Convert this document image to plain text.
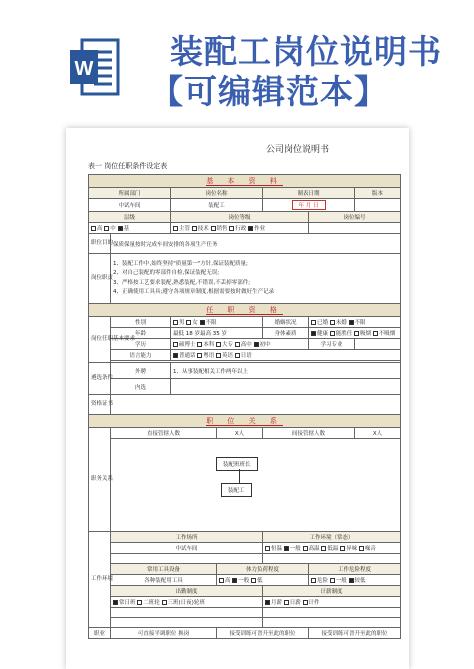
W 装配工岗位说明书
【可编辑范本】
公司岗位说明书
表一 岗位任职条件设定表
基 本 资 料						
所属部门		岗位名称		制表日期		版本
中试车间		装配工		年 月 日		
层级		岗位等级			岗位编号	
高 中 基		主管 技术 销售 行政 作业				
职位目的	保质保量按时完成车间安排的各项生产任务					
岗位职责	1、装配工作中,始终坚持"质量第一"方针,保证装配质量;
2、对自己装配的零部件自检,保证装配无误;
3、严格按工艺要求装配,熟悉装配,不错误,不丢掉零部件;
4、正确使用工具具;遵守各项规章制度,根据需要按时做好生产记录					

任 职 资 格						
岗位任职基本要求	性别	男 女 不限		婚姻状况	已婚 未婚 不限	
	年龄	最低 18 岁最高 35 岁		身体素质	健康 能胜任 吸烟 不吸烟	
	学历	硕博士 本科 大专 高中 初中			学习专业	
	语言能力	普通话 粤语 英语 日语				

遴选条件	外聘	1、从事装配相关工作两年以上				
	内选					
资格证书						
职 位 关 系						
职务关系	直接管辖人数		X人	间接管辖人数		X人

	装配班班长
装配工					

工作环境	工作场所			工作环境（常态）		
	中试车间			恒温 一般 高温 低温 异味 噪音		

	常用工具设备		体力负荷程度		工作危险程度	
	各种装配用工具		高 一般 低		危险 一般 较低	
	出勤制度			计薪制度		
	常日班 二班轮 三班(日夜)轮班			月薪 日薪 计件		

职业	可直接平调职位 换岗		接受训练可晋升至此的职位		接受训练可晋升至此的职位	
